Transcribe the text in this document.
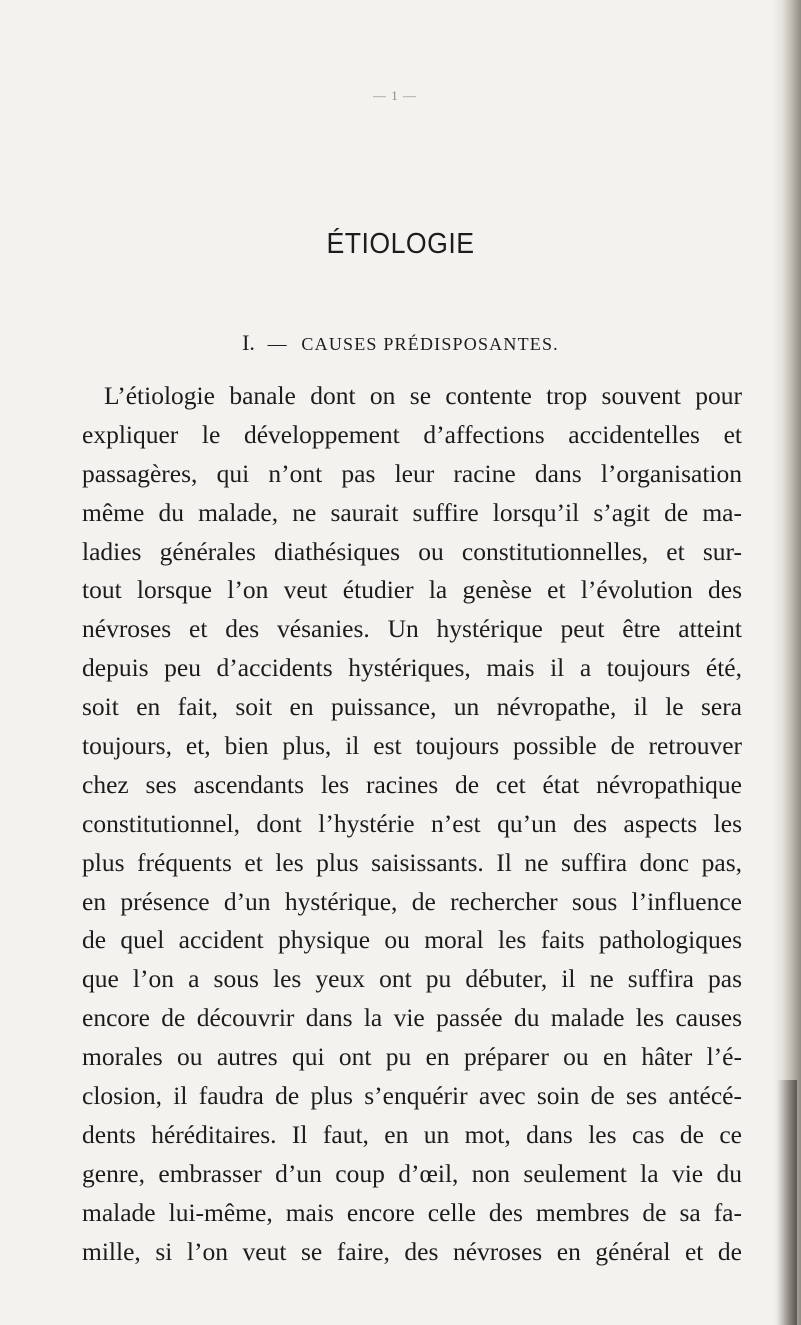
— 1 —
ÉTIOLOGIE
I. — CAUSES PRÉDISPOSANTES.
L’étiologie banale dont on se contente trop souvent pour
expliquer le développement d’affections accidentelles et
passagères, qui n’ont pas leur racine dans l’organisation
même du malade, ne saurait suffire lorsqu’il s’agit de ma-
ladies générales diathésiques ou constitutionnelles, et sur-
tout lorsque l’on veut étudier la genèse et l’évolution des
névroses et des vésanies. Un hystérique peut être atteint
depuis peu d’accidents hystériques, mais il a toujours été,
soit en fait, soit en puissance, un névropathe, il le sera
toujours, et, bien plus, il est toujours possible de retrouver
chez ses ascendants les racines de cet état névropathique
constitutionnel, dont l’hystérie n’est qu’un des aspects les
plus fréquents et les plus saisissants. Il ne suffira donc pas,
en présence d’un hystérique, de rechercher sous l’influence
de quel accident physique ou moral les faits pathologiques
que l’on a sous les yeux ont pu débuter, il ne suffira pas
encore de découvrir dans la vie passée du malade les causes
morales ou autres qui ont pu en préparer ou en hâter l’é-
closion, il faudra de plus s’enquérir avec soin de ses antécé-
dents héréditaires. Il faut, en un mot, dans les cas de ce
genre, embrasser d’un coup d’œil, non seulement la vie du
malade lui-même, mais encore celle des membres de sa fa-
mille, si l’on veut se faire, des névroses en général et de
